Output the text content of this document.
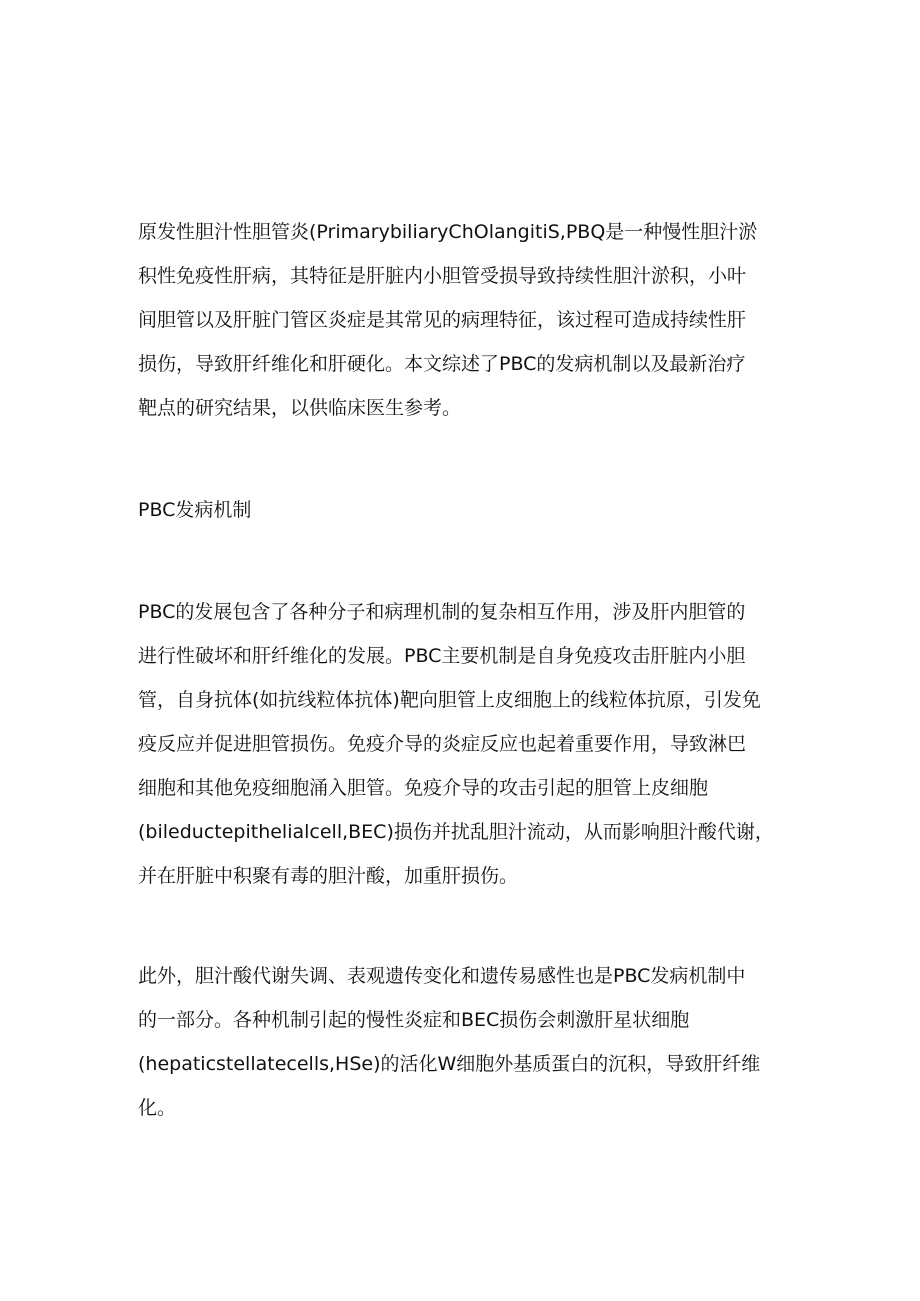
原发性胆汁性胆管炎(PrimarybiliaryChOlangitiS,PBQ是一种慢性胆汁淤
积性免疫性肝病，其特征是肝脏内小胆管受损导致持续性胆汁淤积，小叶
间胆管以及肝脏门管区炎症是其常见的病理特征，该过程可造成持续性肝
损伤，导致肝纤维化和肝硬化。本文综述了PBC的发病机制以及最新治疗
靶点的研究结果，以供临床医生参考。
PBC发病机制
PBC的发展包含了各种分子和病理机制的复杂相互作用，涉及肝内胆管的
进行性破坏和肝纤维化的发展。PBC主要机制是自身免疫攻击肝脏内小胆
管，自身抗体(如抗线粒体抗体)靶向胆管上皮细胞上的线粒体抗原，引发免
疫反应并促进胆管损伤。免疫介导的炎症反应也起着重要作用，导致淋巴
细胞和其他免疫细胞涌入胆管。免疫介导的攻击引起的胆管上皮细胞
(bileductepithelialcell,BEC)损伤并扰乱胆汁流动，从而影响胆汁酸代谢，
并在肝脏中积聚有毒的胆汁酸，加重肝损伤。
此外，胆汁酸代谢失调、表观遗传变化和遗传易感性也是PBC发病机制中
的一部分。各种机制引起的慢性炎症和BEC损伤会刺激肝星状细胞
(hepaticstellatecells,HSe)的活化W细胞外基质蛋白的沉积，导致肝纤维
化。
